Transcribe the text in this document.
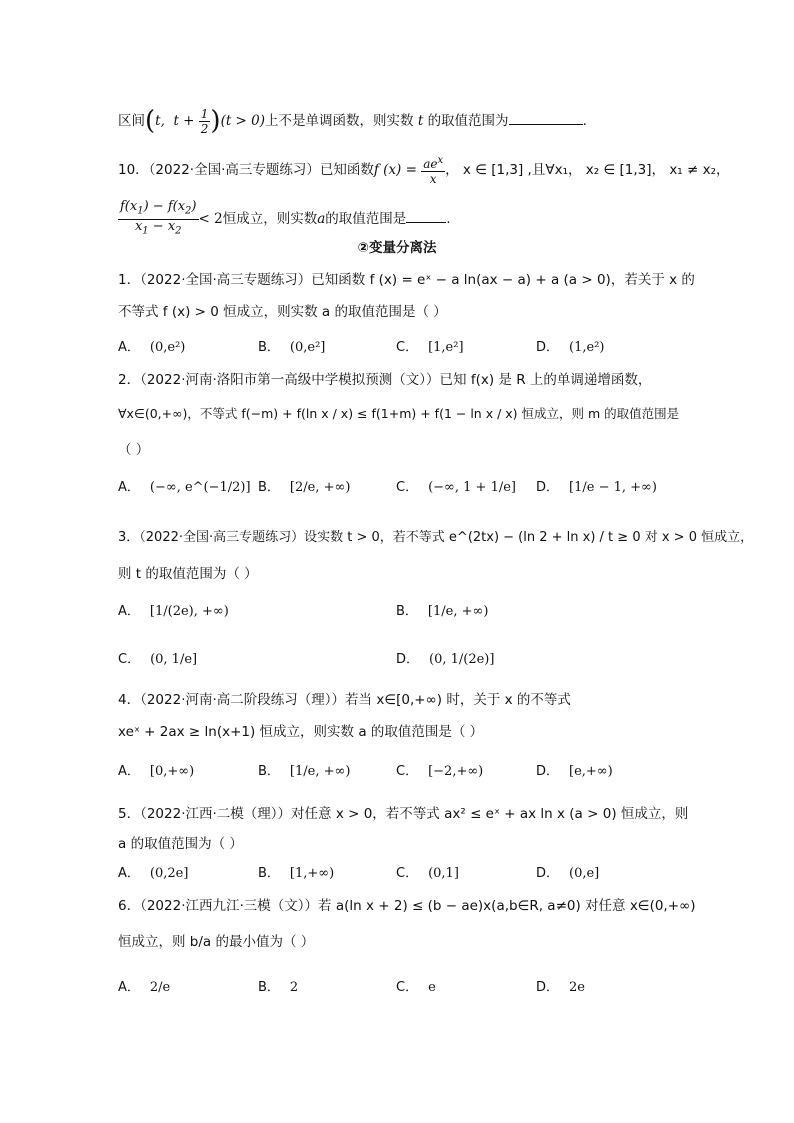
区间(t,  $t + \frac{1}{2} )(t > 0)$上不是单调函数，则实数 t 的取值范围为	.
10．（2022·全国·高三专题练习）已知函数f $(x) = \frac{ae^x}{x}$ ， x ∈ [1,3] ,且∀x₁， x₂ ∈ [1,3]， x₁ ≠ x₂，
$\frac{f(x_1) - f(x_2)}{x_1 - x_2} < 2$恒成立，则实数a的取值范围是	.
②变量分离法
1．（2022·全国·高三专题练习）已知函数 f (x) = eˣ − a ln(ax − a) + a (a > 0)，若关于 x 的
不等式 f (x) > 0 恒成立，则实数 a 的取值范围是（ ）
A． (0,e²)	B． (0,e²]	C． [1,e²]	D． (1,e²)
2．（2022·河南·洛阳市第一高级中学模拟预测（文））已知 f(x) 是 R 上的单调递增函数，
∀x∈(0,+∞)，不等式 f(−m) + f(ln x / x) ≤ f(1+m) + f(1 − ln x / x) 恒成立，则 m 的取值范围是
（ ）
A． (−∞, e^(−1/2)] B． [2/e, +∞)	C． (−∞, 1 + 1/e] D． [1/e − 1, +∞)
3．（2022·全国·高三专题练习）设实数 t > 0，若不等式 e^(2tx) − (ln 2 + ln x) / t ≥ 0 对 x > 0 恒成立，
则 t 的取值范围为（ ）
A． [1/(2e), +∞)	B． [1/e, +∞)
C． (0, 1/e]	D． (0, 1/(2e)]
4．（2022·河南·高二阶段练习（理））若当 x∈[0,+∞) 时，关于 x 的不等式
xeˣ + 2ax ≥ ln(x+1) 恒成立，则实数 a 的取值范围是（ ）
A． [0,+∞)	B． [1/e, +∞)	C． [−2,+∞)	D． [e,+∞)
5．（2022·江西·二模（理））对任意 x > 0，若不等式 ax² ≤ eˣ + ax ln x (a > 0) 恒成立，则
a 的取值范围为（ ）
A． (0,2e]	B． [1,+∞)	C． (0,1]	D． (0,e]
6．（2022·江西九江·三模（文））若 a(ln x + 2) ≤ (b − ae)x(a,b∈R, a≠0) 对任意 x∈(0,+∞)
恒成立，则 b/a 的最小值为（ ）
A． 2/e	B． 2	C． e	D． 2e
